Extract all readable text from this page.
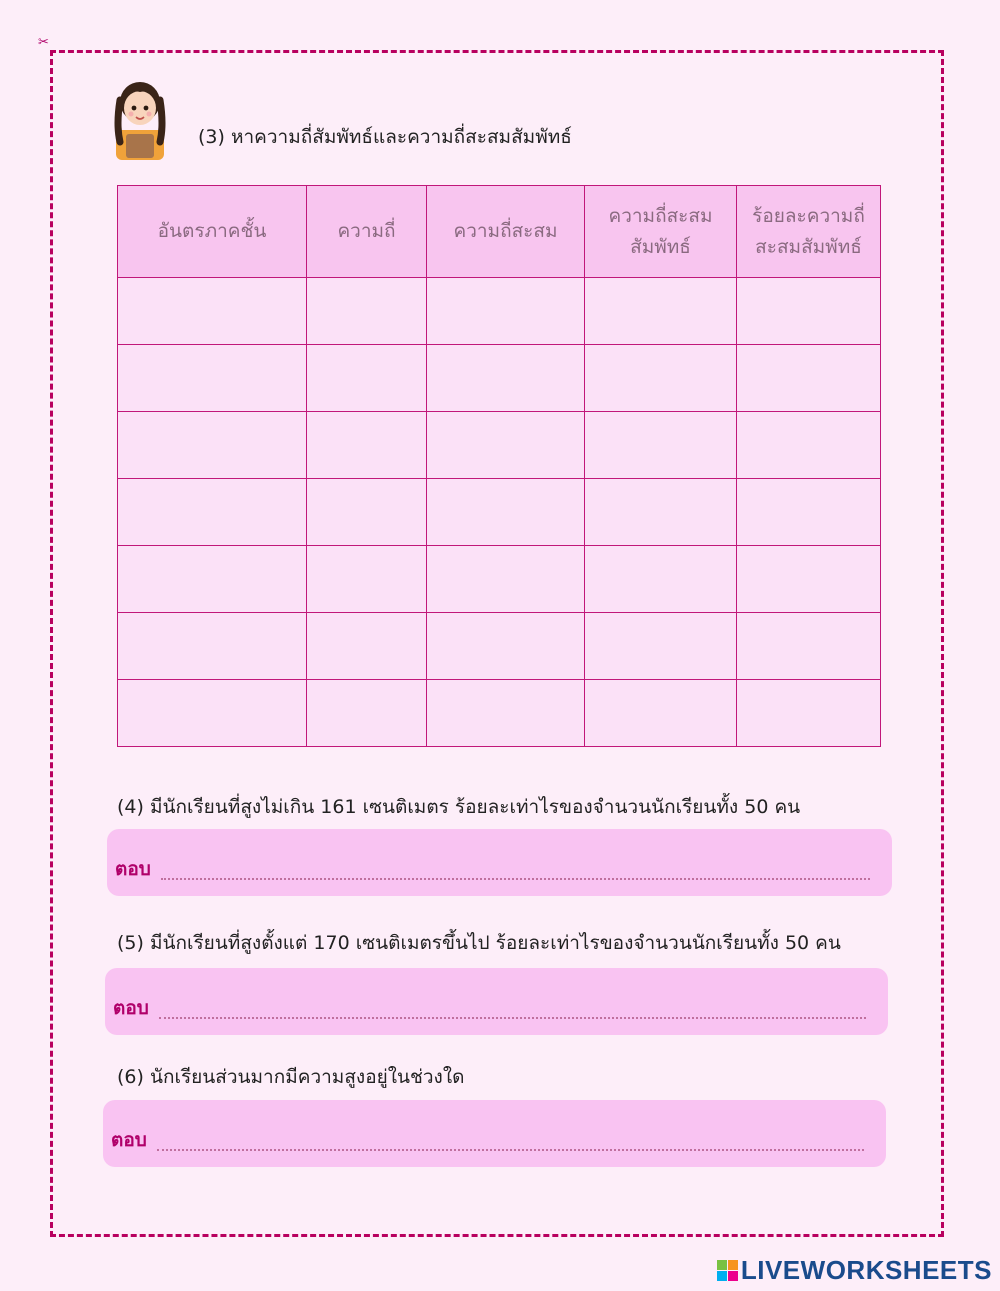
✂
(3) หาความถี่สัมพัทธ์และความถี่สะสมสัมพัทธ์
อันตรภาคชั้น	ความถี่	ความถี่สะสม	ความถี่สะสม สัมพัทธ์	ร้อยละความถี่ สะสมสัมพัทธ์

(4) มีนักเรียนที่สูงไม่เกิน 161 เซนติเมตร ร้อยละเท่าไรของจำนวนนักเรียนทั้ง 50 คน
ตอบ
(5) มีนักเรียนที่สูงตั้งแต่ 170 เซนติเมตรขึ้นไป ร้อยละเท่าไรของจำนวนนักเรียนทั้ง 50 คน
ตอบ
(6) นักเรียนส่วนมากมีความสูงอยู่ในช่วงใด
ตอบ
LIVEWORKSHEETS
